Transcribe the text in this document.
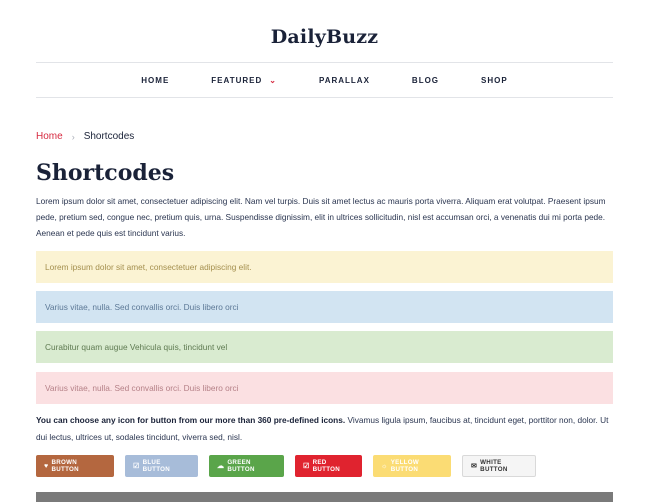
DailyBuzz
HOME	FEATURED ⌄	PARALLAX	BLOG	SHOP
Home › Shortcodes
Shortcodes

Lorem ipsum dolor sit amet, consectetuer adipiscing elit. Nam vel turpis. Duis sit amet lectus ac mauris porta viverra. Aliquam erat volutpat. Praesent ipsum pede, pretium sed, congue nec, pretium quis, urna. Suspendisse dignissim, elit in ultrices sollicitudin, nisl est accumsan orci, a venenatis dui mi porta pede. Aenean et pede quis est tincidunt varius.

Lorem ipsum dolor sit amet, consectetuer adipiscing elit.
Varius vitae, nulla. Sed convallis orci. Duis libero orci
Curabitur quam augue Vehicula quis, tincidunt vel
Varius vitae, nulla. Sed convallis orci. Duis libero orci

You can choose any icon for button from our more than 360 pre-defined icons. Vivamus ligula ipsum, faucibus at, tincidunt eget, porttitor non, dolor. Ut dui lectus, ultrices ut, sodales tincidunt, viverra sed, nisl.

♥ BROWN BUTTON	☑ BLUE BUTTON	☁ GREEN BUTTON	☑ RED BUTTON	☼ YELLOW BUTTON	✉ WHITE BUTTON
